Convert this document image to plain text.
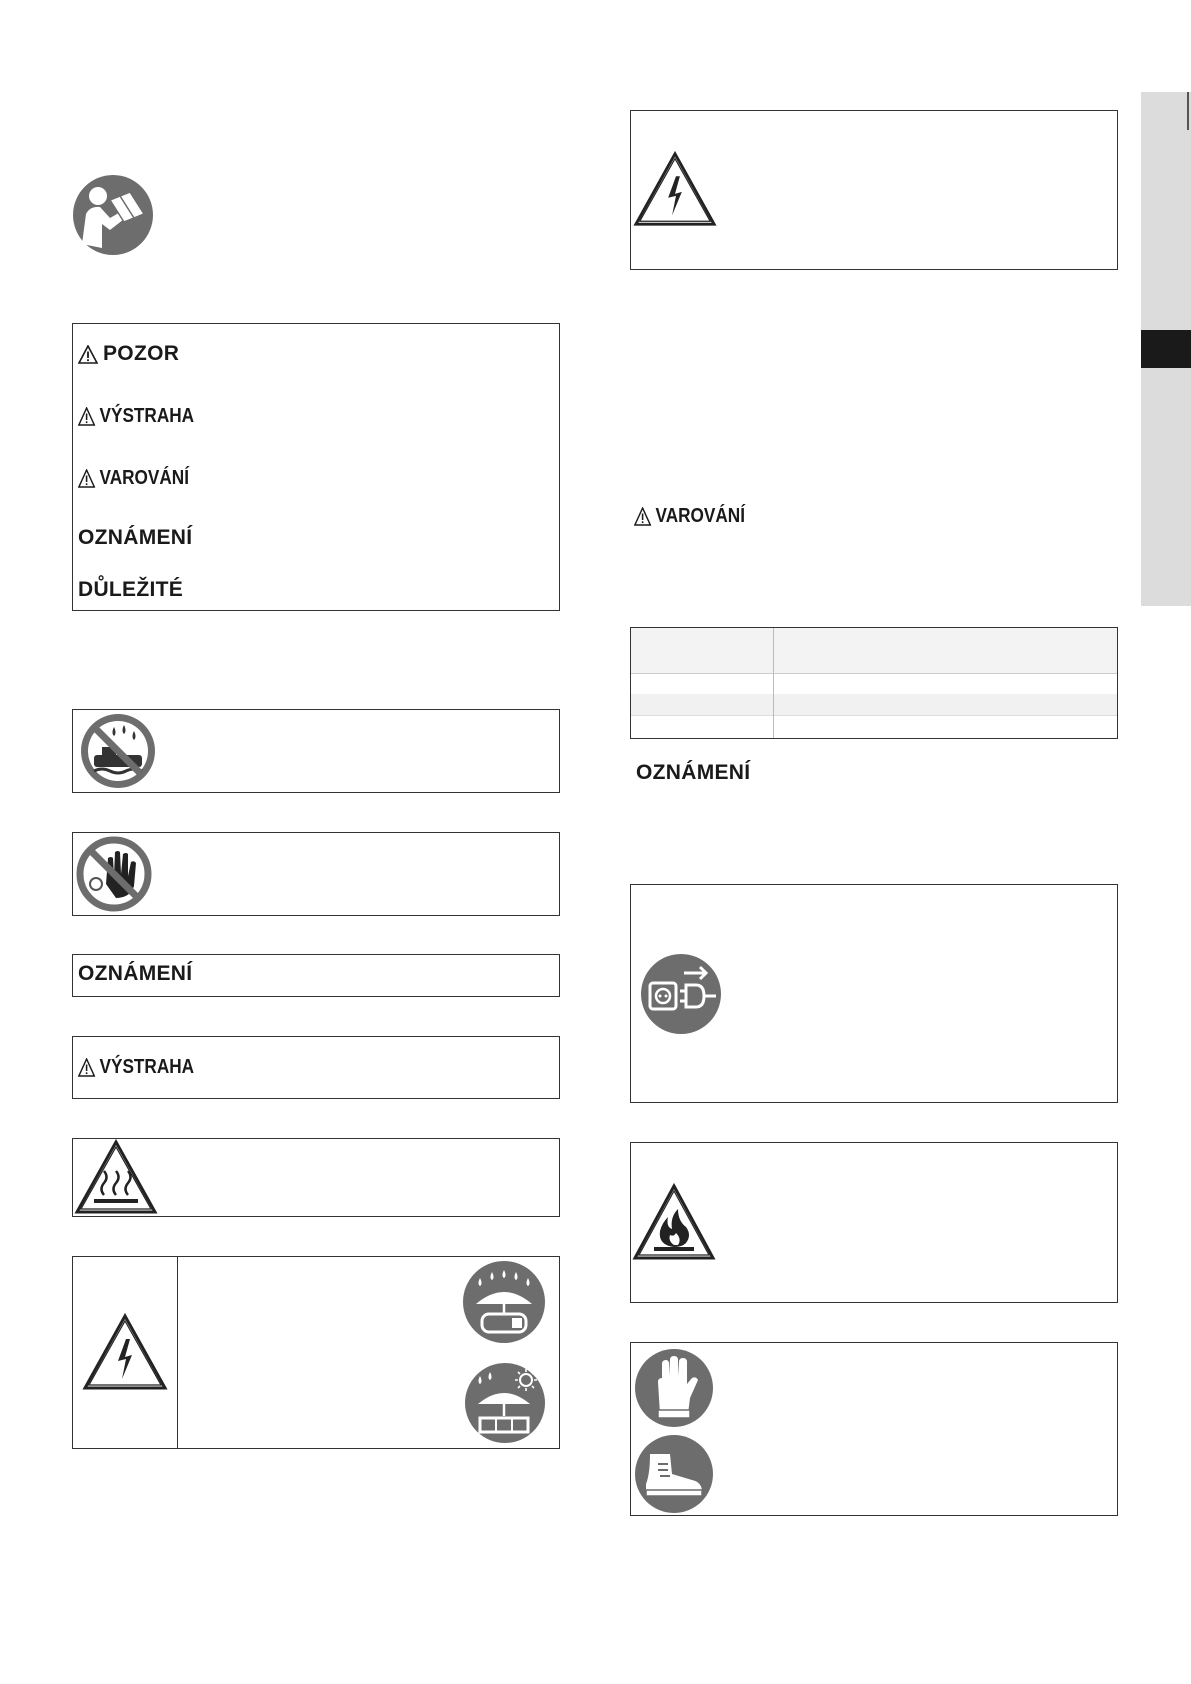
POZOR
VÝSTRAHA
VAROVÁNÍ
OZNÁMENÍ
DŮLEŽITÉ
OZNÁMENÍ
VÝSTRAHA
VAROVÁNÍ
OZNÁMENÍ
